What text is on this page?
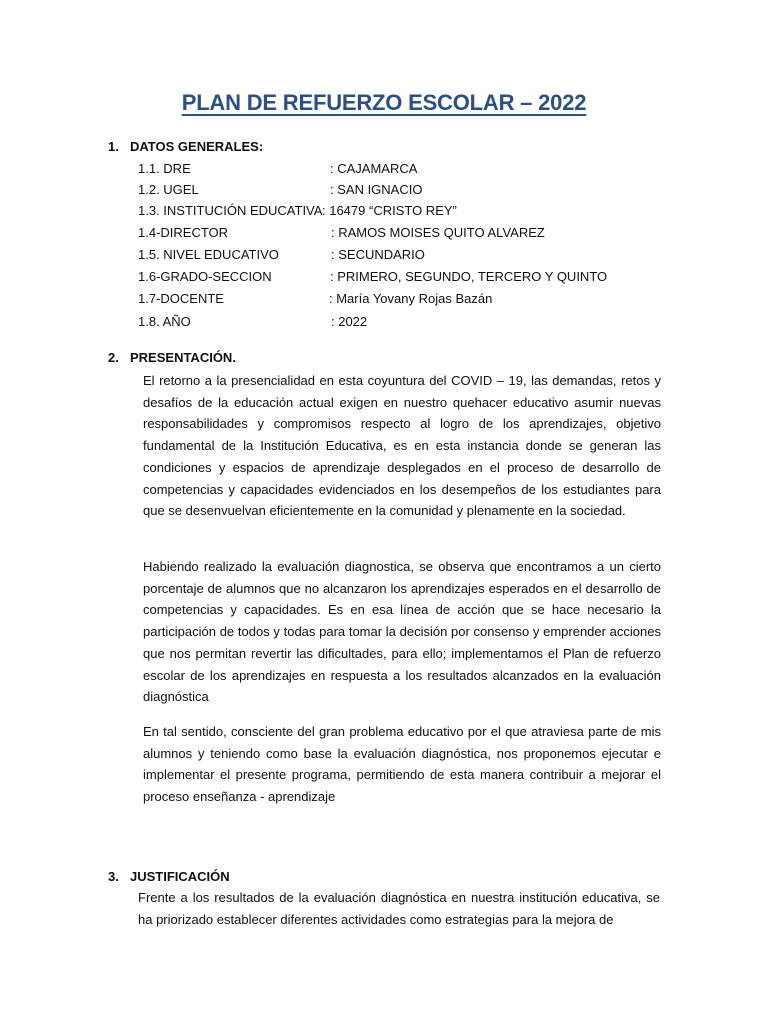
PLAN DE REFUERZO ESCOLAR – 2022
1. DATOS GENERALES:
1.1. DRE	: CAJAMARCA
1.2. UGEL	: SAN IGNACIO
1.3. INSTITUCIÓN EDUCATIVA : 16479 “CRISTO REY”
1.4-DIRECTOR	: RAMOS MOISES QUITO ALVAREZ
1.5. NIVEL EDUCATIVO	: SECUNDARIO
1.6-GRADO-SECCION	: PRIMERO, SEGUNDO, TERCERO Y QUINTO
1.7-DOCENTE	: María Yovany Rojas Bazán
1.8. AÑO	: 2022
2. PRESENTACIÓN.

El retorno a la presencialidad en esta coyuntura del COVID – 19, las demandas, retos y desafíos de la educación actual exigen en nuestro quehacer educativo asumir nuevas responsabilidades y compromisos respecto al logro de los aprendizajes, objetivo fundamental de la Institución Educativa, es en esta instancia donde se generan las condiciones y espacios de aprendizaje desplegados en el proceso de desarrollo de competencias y capacidades evidenciados en los desempeños de los estudiantes para que se desenvuelvan eficientemente en la comunidad y plenamente en la sociedad.

Habiendo realizado la evaluación diagnostica, se observa que encontramos a un cierto porcentaje de alumnos que no alcanzaron los aprendizajes esperados en el desarrollo de competencias y capacidades. Es en esa línea de acción que se hace necesario la participación de todos y todas para tomar la decisión por consenso y emprender acciones que nos permitan revertir las dificultades, para ello; implementamos el Plan de refuerzo escolar de los aprendizajes en respuesta a los resultados alcanzados en la evaluación diagnóstica

En tal sentido, consciente del gran problema educativo por el que atraviesa parte de mis alumnos y teniendo como base la evaluación diagnóstica, nos proponemos ejecutar e implementar el presente programa, permitiendo de esta manera contribuir a mejorar el proceso enseñanza - aprendizaje

3. JUSTIFICACIÓN

Frente a los resultados de la evaluación diagnóstica en nuestra institución educativa, se ha priorizado establecer diferentes actividades como estrategias para la mejora de
